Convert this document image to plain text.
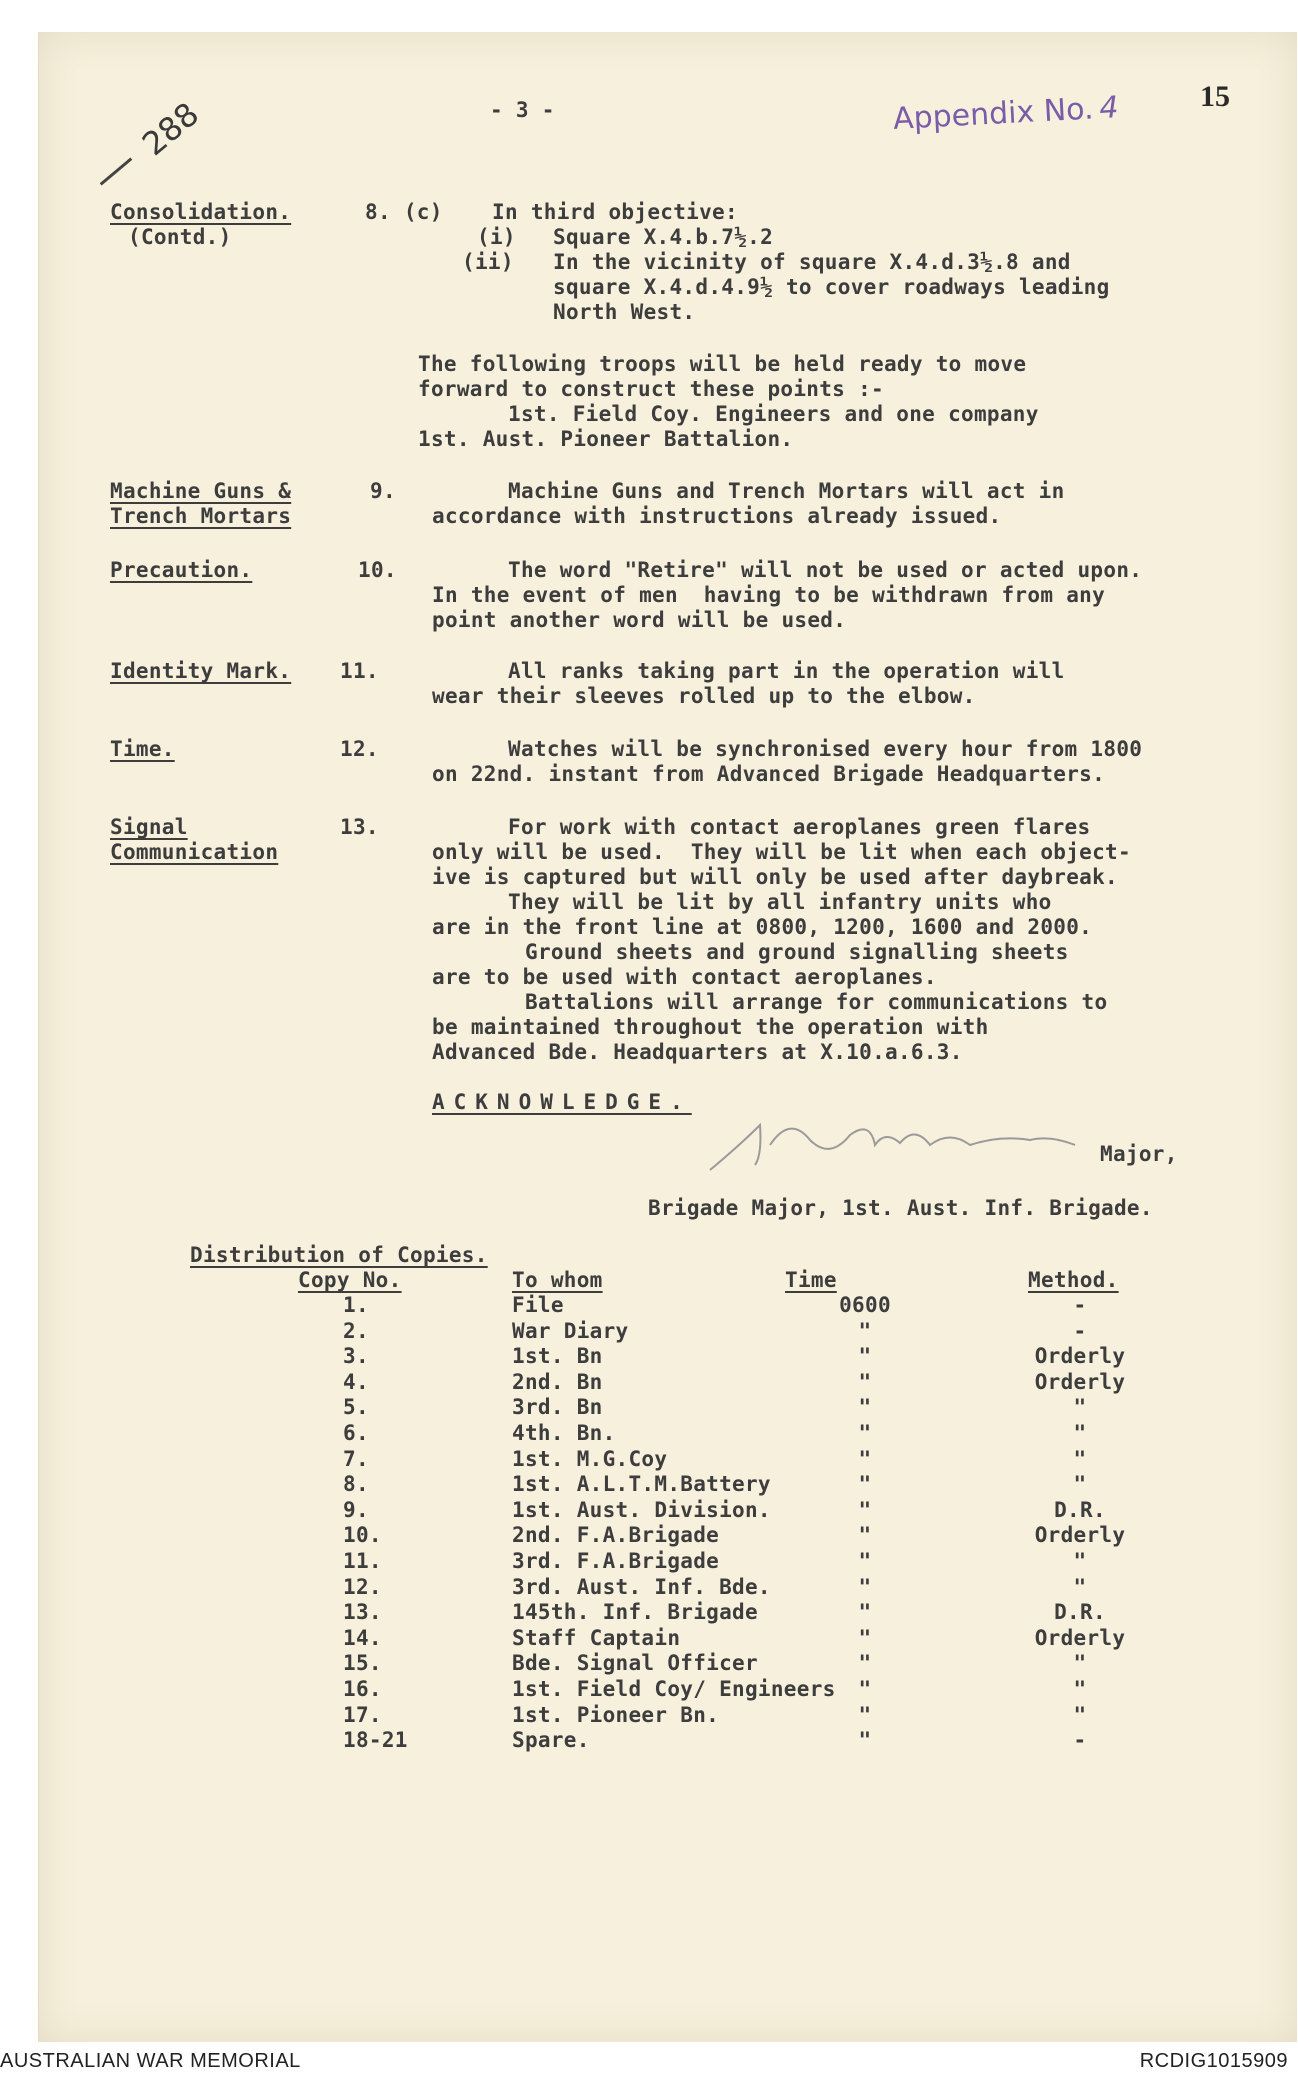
- 3 -	Appendix No. 4	15
288
Consolidation.
(Contd.)
8. (c) In third objective:
(i) Square X.4.b.7½.2
(ii) In the vicinity of square X.4.d.3½.8 and
square X.4.d.4.9½ to cover roadways leading
North West.
The following troops will be held ready to move
forward to construct these points :-
1st. Field Coy. Engineers and one company
1st. Aust. Pioneer Battalion.
Machine Guns &
Trench Mortars
9.	Machine Guns and Trench Mortars will act in
accordance with instructions already issued.
Precaution.	10.	The word "Retire" will not be used or acted upon.
In the event of men  having to be withdrawn from any
point another word will be used.
Identity Mark. 11.	All ranks taking part in the operation will
wear their sleeves rolled up to the elbow.
Time.	12.	Watches will be synchronised every hour from 1800
on 22nd. instant from Advanced Brigade Headquarters.
Signal
Communication
13.	For work with contact aeroplanes green flares
only will be used.  They will be lit when each object-
ive is captured but will only be used after daybreak.
They will be lit by all infantry units who
are in the front line at 0800, 1200, 1600 and 2000.
Ground sheets and ground signalling sheets
are to be used with contact aeroplanes.
Battalions will arrange for communications to
be maintained throughout the operation with
Advanced Bde. Headquarters at X.10.a.6.3.
ACKNOWLEDGE.
Major,
Brigade Major, 1st. Aust. Inf. Brigade.
Distribution of Copies.
Copy No.	To whom	Time	Method.
1.	File	0600	-
2.	War Diary	"	-
3.	1st. Bn	"	Orderly
4.	2nd. Bn	"	Orderly
5.	3rd. Bn	"	"
6.	4th. Bn.	"	"
7.	1st. M.G.Coy	"	"
8.	1st. A.L.T.M.Battery	"	"
9.	1st. Aust. Division.	"	D.R.
10.	2nd. F.A.Brigade	"	Orderly
11.	3rd. F.A.Brigade	"	"
12.	3rd. Aust. Inf. Bde.	"	"
13.	145th. Inf. Brigade	"	D.R.
14.	Staff Captain	"	Orderly
15.	Bde. Signal Officer	"	"
16.	1st. Field Coy/ Engineers	"	"
17.	1st. Pioneer Bn.	"	"
18-21	Spare.	"	-
AUSTRALIAN WAR MEMORIAL	RCDIG1015909
